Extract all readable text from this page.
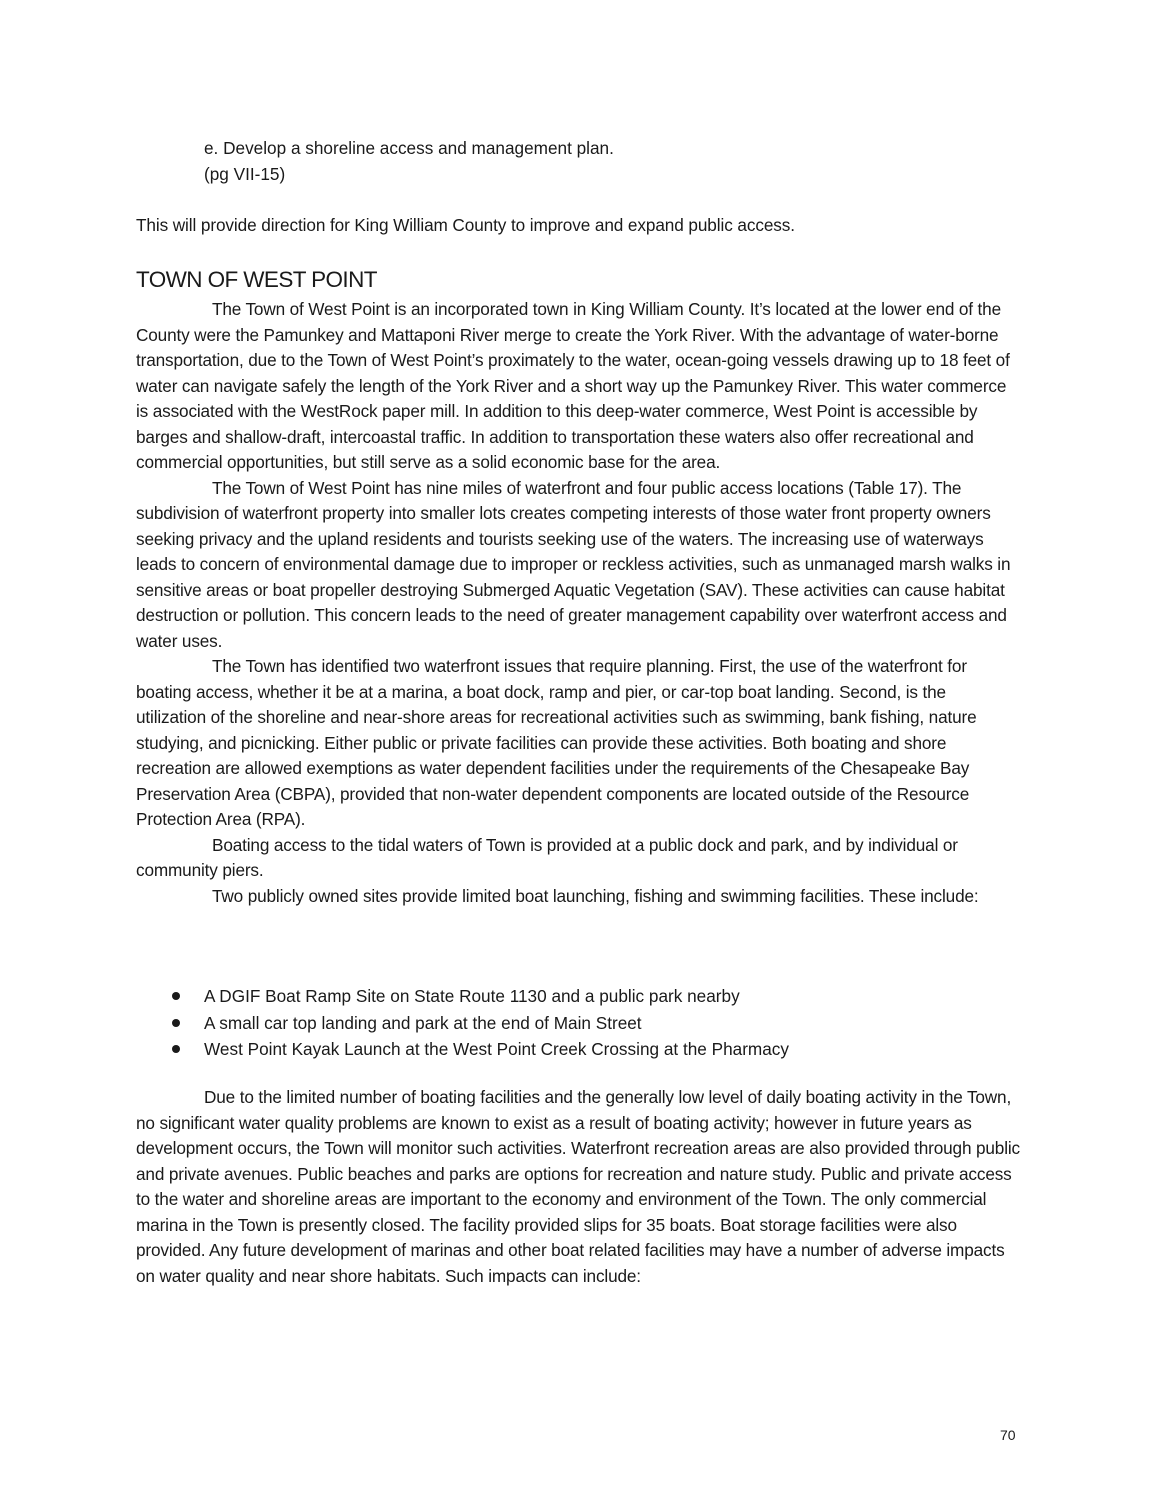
e. Develop a shoreline access and management plan.
(pg VII-15)
This will provide direction for King William County to improve and expand public access.
TOWN OF WEST POINT

The Town of West Point is an incorporated town in King William County. It’s located at the lower end of the County were the Pamunkey and Mattaponi River merge to create the York River. With the advantage of water-borne transportation, due to the Town of West Point’s proximately to the water, ocean-going vessels drawing up to 18 feet of water can navigate safely the length of the York River and a short way up the Pamunkey River. This water commerce is associated with the WestRock paper mill. In addition to this deep-water commerce, West Point is accessible by barges and shallow-draft, intercoastal traffic. In addition to transportation these waters also offer recreational and commercial opportunities, but still serve as a solid economic base for the area.

The Town of West Point has nine miles of waterfront and four public access locations (Table 17). The subdivision of waterfront property into smaller lots creates competing interests of those water front property owners seeking privacy and the upland residents and tourists seeking use of the waters. The increasing use of waterways leads to concern of environmental damage due to improper or reckless activities, such as unmanaged marsh walks in sensitive areas or boat propeller destroying Submerged Aquatic Vegetation (SAV). These activities can cause habitat destruction or pollution. This concern leads to the need of greater management capability over waterfront access and water uses.

The Town has identified two waterfront issues that require planning. First, the use of the waterfront for boating access, whether it be at a marina, a boat dock, ramp and pier, or car-top boat landing. Second, is the utilization of the shoreline and near-shore areas for recreational activities such as swimming, bank fishing, nature studying, and picnicking. Either public or private facilities can provide these activities. Both boating and shore recreation are allowed exemptions as water dependent facilities under the requirements of the Chesapeake Bay Preservation Area (CBPA), provided that non-water dependent components are located outside of the Resource Protection Area (RPA).

Boating access to the tidal waters of Town is provided at a public dock and park, and by individual or community piers.

Two publicly owned sites provide limited boat launching, fishing and swimming facilities. These include:

A DGIF Boat Ramp Site on State Route 1130 and a public park nearby
A small car top landing and park at the end of Main Street
West Point Kayak Launch at the West Point Creek Crossing at the Pharmacy

Due to the limited number of boating facilities and the generally low level of daily boating activity in the Town, no significant water quality problems are known to exist as a result of boating activity; however in future years as development occurs, the Town will monitor such activities. Waterfront recreation areas are also provided through public and private avenues. Public beaches and parks are options for recreation and nature study. Public and private access to the water and shoreline areas are important to the economy and environment of the Town. The only commercial marina in the Town is presently closed. The facility provided slips for 35 boats. Boat storage facilities were also provided. Any future development of marinas and other boat related facilities may have a number of adverse impacts on water quality and near shore habitats. Such impacts can include:

70
